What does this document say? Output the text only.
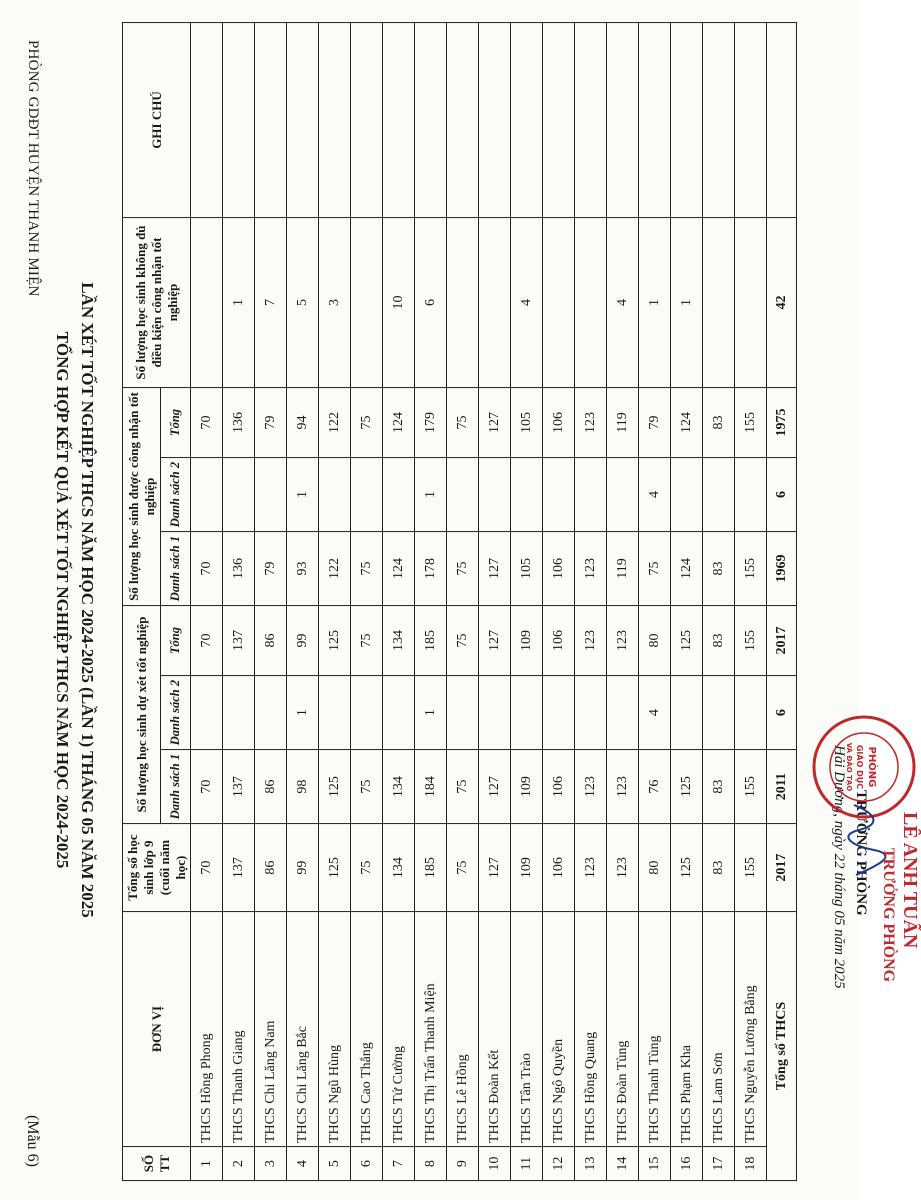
PHÒNG GDĐT HUYỆN THANH MIỆN
(Mẫu 6)
TỔNG HỢP KẾT QUẢ XÉT TỐT NGHIỆP THCS NĂM HỌC 2024-2025 LẦN XÉT TỐT NGHIỆP THCS NĂM HỌC 2024-2025 (LẦN 1) THÁNG 05 NĂM 2025
SỐ TT	ĐƠN VỊ	Tổng số học sinh lớp 9 (cuối năm học)	Số lượng học sinh dự xét tốt nghiệp			Số lượng học sinh được công nhận tốt nghiệp			Số lượng học sinh không đủ điều kiện công nhận tốt nghiệp	GHI CHÚ
			Danh sách 1	Danh sách 2	Tổng	Danh sách 1	Danh sách 2	Tổng		
1	THCS Hồng Phong	70	70		70	70		70		
2	THCS Thanh Giang	137	137		137	136		136	1	
3	THCS Chi Lăng Nam	86	86		86	79		79	7	
4	THCS Chi Lăng Bắc	99	98	1	99	93	1	94	5	
5	THCS Ngũ Hùng	125	125		125	122		122	3	
6	THCS Cao Thắng	75	75		75	75		75		
7	THCS Tứ Cường	134	134		134	124		124	10	
8	THCS Thị Trấn Thanh Miện	185	184	1	185	178	1	179	6	
9	THCS Lê Hồng	75	75		75	75		75		
10	THCS Đoàn Kết	127	127		127	127		127		
11	THCS Tân Trào	109	109		109	105		105	4	
12	THCS Ngô Quyền	106	106		106	106		106		
13	THCS Hồng Quang	123	123		123	123		123		
14	THCS Đoàn Tùng	123	123		123	119		119	4	
15	THCS Thanh Tùng	80	76	4	80	75	4	79	1	
16	THCS Phạm Kha	125	125		125	124		124	1	
17	THCS Lam Sơn	83	83		83	83		83		
18	THCS Nguyễn Lương Bằng	155	155		155	155		155		
Tổng số THCS		2017	2011	6	2017	1969	6	1975	42	
Hải Dương, ngày 22 tháng 05 năm 2025 TRƯỞNG PHÒNG
PHÒNG
GIÁO DỤC
VÀ ĐÀO TẠO
TRƯỞNG PHÒNG LÊ ANH TUẤN
